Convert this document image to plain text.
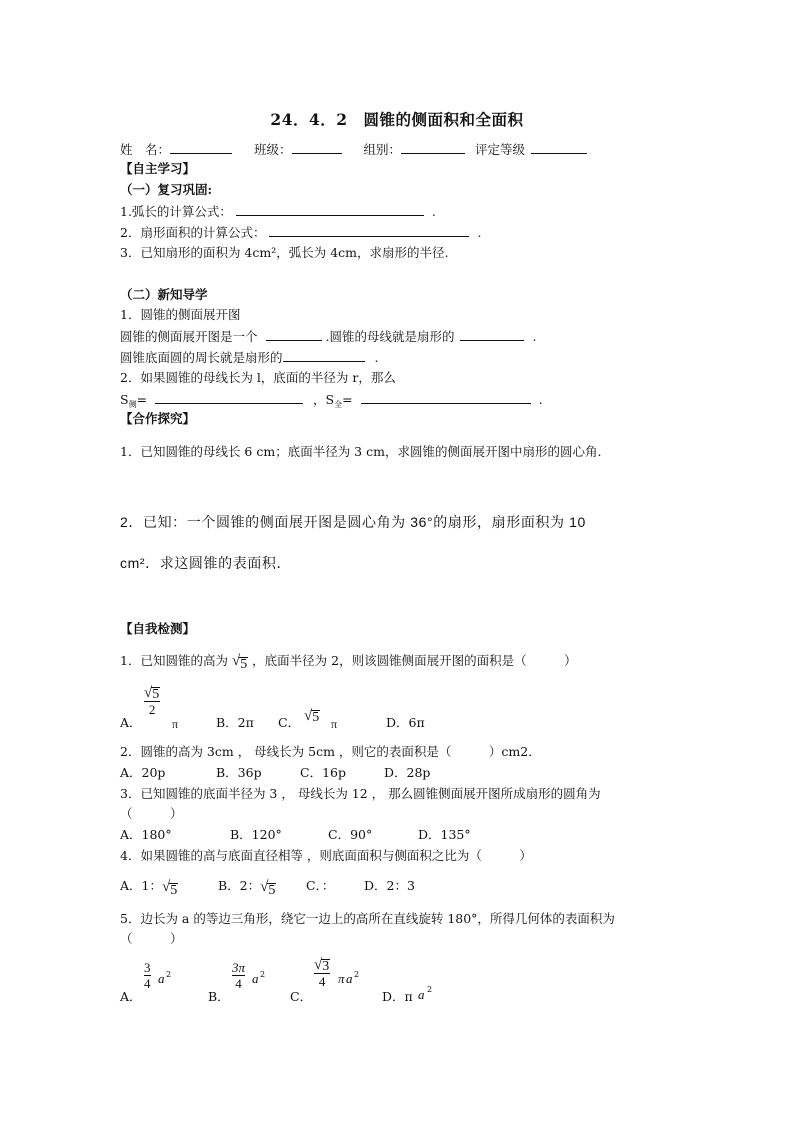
24．4．2　圆锥的侧面积和全面积
姓　名：	班级：	组别：	评定等级
【自主学习】
（一）复习巩固:
1.弧长的计算公式：	.
2．扇形面积的计算公式：	.
3．已知扇形的面积为 4cm²，弧长为 4cm，求扇形的半径.
（二）新知导学
1．圆锥的侧面展开图
圆锥的侧面展开图是一个	.圆锥的母线就是扇形的	.
圆锥底面圆的周长就是扇形的	.
2．如果圆锥的母线长为 l，底面的半径为 r，那么
$S_侧=$	，$S_全=$	.
【合作探究】
1．已知圆锥的母线长 6 cm；底面半径为 3 cm，求圆锥的侧面展开图中扇形的圆心角.
2．已知：一个圆锥的侧面展开图是圆心角为 36°的扇形，扇形面积为 10
cm²．求这圆锥的表面积．
【自我检测】
1．已知圆锥的高为 √ 5 ，底面半径为 2，则该圆锥侧面展开图的面积是（　　　）
A．
√ 5
2
π	B．2π C． √ 5 π	D．6π
2．圆锥的高为 3cm ， 母线长为 5cm ，则它的表面积是（　　　）cm2．
A．20p	B．36p	C．16p	D．28p
3．已知圆锥的底面半径为 3 ， 母线长为 12 ， 那么圆锥侧面展开图所成扇形的圆角为
（　　　）
A．180°	B．120°	C．90°	D．135°
4．如果圆锥的高与底面直径相等 ，则底面面积与侧面积之比为（　　　）
A．1： √ 5	B．2： √ 5 C．： D．2：3
5．边长为 a 的等边三角形，绕它一边上的高所在直线旋转 180°，所得几何体的表面积为
（　　　）
A．
3
4 a 2
B．
3π
4 a 2
C．
√ 3
4 π a 2
D．π a 2
